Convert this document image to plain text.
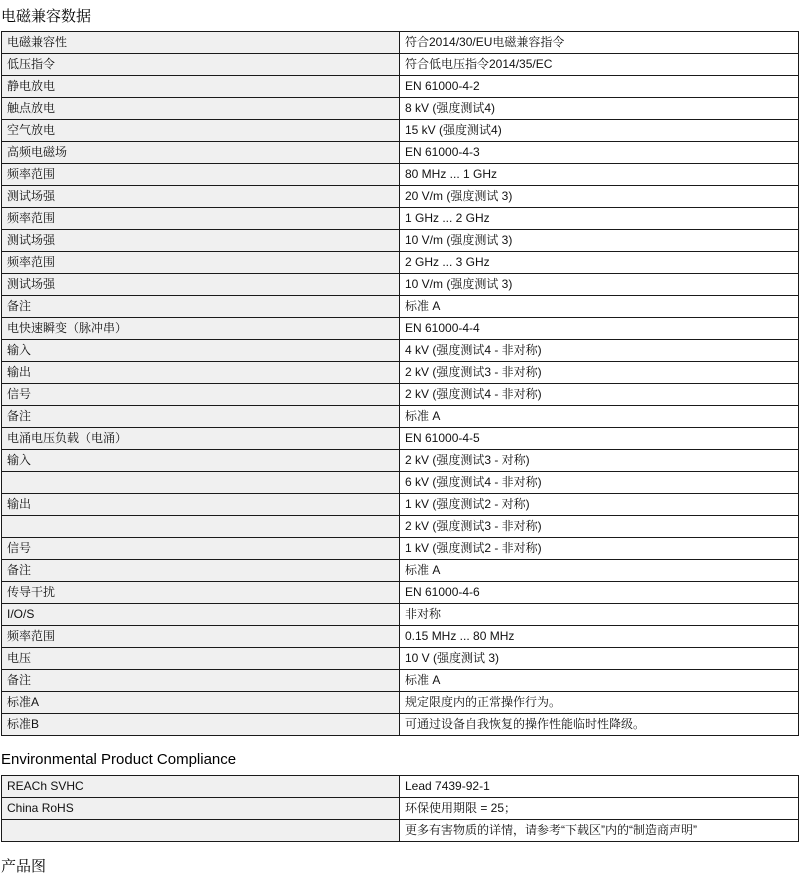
电磁兼容数据
电磁兼容性	符合2014/30/EU电磁兼容指令
低压指令	符合低电压指令2014/35/EC
静电放电	EN 61000-4-2
触点放电	8 kV (强度测试4)
空气放电	15 kV (强度测试4)
高频电磁场	EN 61000-4-3
频率范围	80 MHz ... 1 GHz
测试场强	20 V/m (强度测试 3)
频率范围	1 GHz ... 2 GHz
测试场强	10 V/m (强度测试 3)
频率范围	2 GHz ... 3 GHz
测试场强	10 V/m (强度测试 3)
备注	标准 A
电快速瞬变（脉冲串）	EN 61000-4-4
输入	4 kV (强度测试4 - 非对称)
输出	2 kV (强度测试3 - 非对称)
信号	2 kV (强度测试4 - 非对称)
备注	标准 A
电涌电压负载（电涌）	EN 61000-4-5
输入	2 kV (强度测试3 - 对称)
	6 kV (强度测试4 - 非对称)
输出	1 kV (强度测试2 - 对称)
	2 kV (强度测试3 - 非对称)
信号	1 kV (强度测试2 - 非对称)
备注	标准 A
传导干扰	EN 61000-4-6
I/O/S	非对称
频率范围	0.15 MHz ... 80 MHz
电压	10 V (强度测试 3)
备注	标准 A
标准A	规定限度内的正常操作行为。
标准B	可通过设备自我恢复的操作性能临时性降级。
Environmental Product Compliance
REACh SVHC	Lead 7439-92-1
China RoHS	环保使用期限 = 25；
	更多有害物质的详情，请参考“下载区”内的“制造商声明”
产品图
